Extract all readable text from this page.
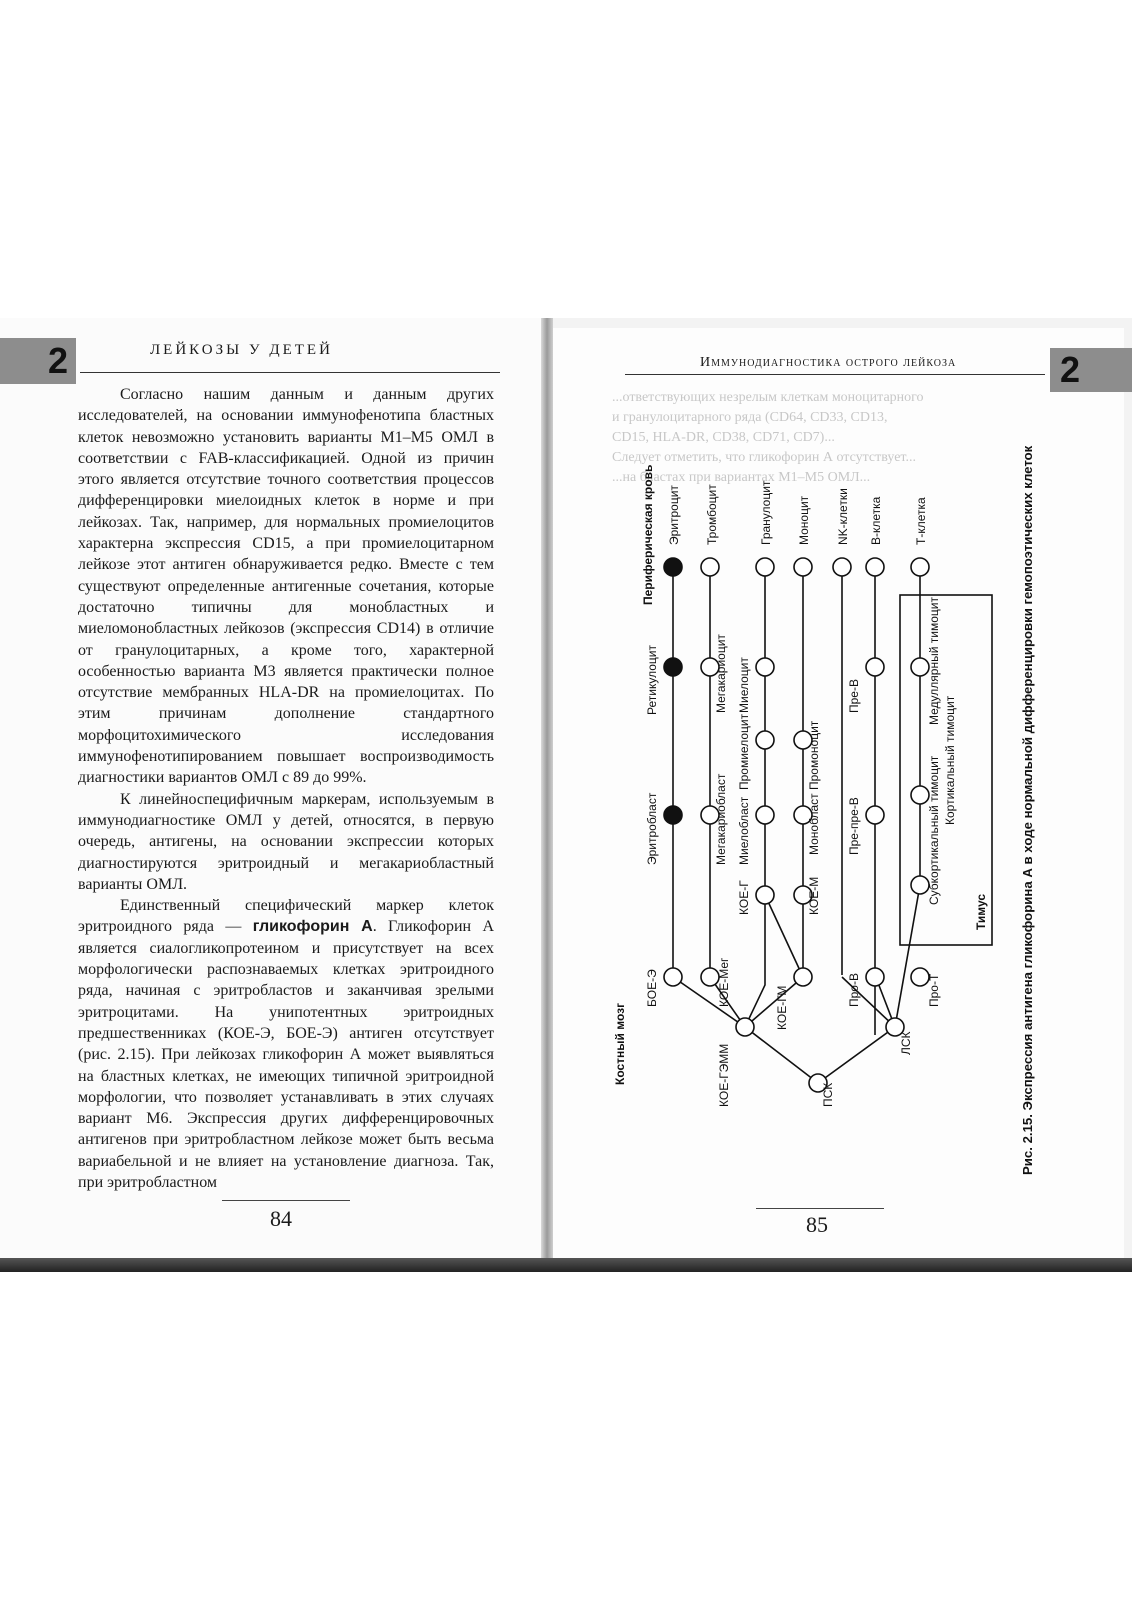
2	ЛЕЙКОЗЫ У ДЕТЕЙ	2
Иммунодиагностика острого лейкоза

Согласно нашим данным и данным других исследователей, на основании иммунофенотипа бластных клеток невозможно установить варианты М1–М5 ОМЛ в соответствии с FAB-классификацией. Одной из причин этого является отсутствие точного соответствия процессов дифференцировки миелоидных клеток в норме и при лейкозах. Так, например, для нормальных промиелоцитов характерна экспрессия CD15, а при промиелоцитарном лейкозе этот антиген обнаруживается редко. Вместе с тем существуют определенные антигенные сочетания, которые достаточно типичны для монобластных и миеломонобластных лейкозов (экспрессия CD14) в отличие от гранулоцитарных, а кроме того, характерной особенностью варианта М3 является практически полное отсутствие мембранных HLA-DR на промиелоцитах. По этим причинам дополнение стандартного морфоцитохимического исследования иммунофенотипированием повышает воспроизводимость диагностики вариантов ОМЛ с 89 до 99%.

К линейноспецифичным маркерам, используемым в иммунодиагностике ОМЛ у детей, относятся, в первую очередь, антигены, на основании экспрессии которых диагностируются эритроидный и мегакариобластный варианты ОМЛ.

Единственный специфический маркер клеток эритроидного ряда — гликофорин А. Гликофорин А является сиалогликопротеином и присутствует на всех морфологически распознаваемых клетках эритроидного ряда, начиная с эритробластов и заканчивая зрелыми эритроцитами. На унипотентных эритроидных предшественниках (КОЕ-Э, БОЕ-Э) антиген отсутствует (рис. 2.15). При лейкозах гликофорин А может выявляться на бластных клетках, не имеющих типичной эритроидной морфологии, что позволяет устанавливать в этих случаях вариант М6. Экспрессия других дифференцировочных антигенов при эритробластном лейкозе может быть весьма вариабельной и не влияет на установление диагноза. Так, при эритробластном

...ответствующих незрелым клеткам моноцитарного
и гранулоцитарного ряда (CD64, CD33, CD13,
CD15, HLA-DR, CD38, CD71, CD7)...
Следует отметить, что гликофорин А отсутствует...
...на бластах при вариантах М1–М5 ОМЛ...
Костный мозг
Периферическая кровь
Тимус
ПСК
КОЕ-ГЭММ
ЛСК
БОЕ-Э
Эритробласт
Ретикулоцит
Эритроцит
КОЕ-Мег
Мегакариобласт
Мегакариоцит
Тромбоцит
КОЕ-Г
Миелобласт
Промиелоцит
Миелоцит
Гранулоцит
КОЕ-ГМ
КОЕ-М
Монобласт
Промоноцит
Моноцит NK-клетки
Про-В
Пре-пре-В
Пре-В
В-клетка
Про-Т
Субкортикальный тимоцит Кортикальный тимоцит
Медуллярный тимоцит
Т-клетка	Рис. 2.15. Экспрессия антигена гликофорина А в ходе нормальной дифференцировки гемопоэтических клеток
84	85
